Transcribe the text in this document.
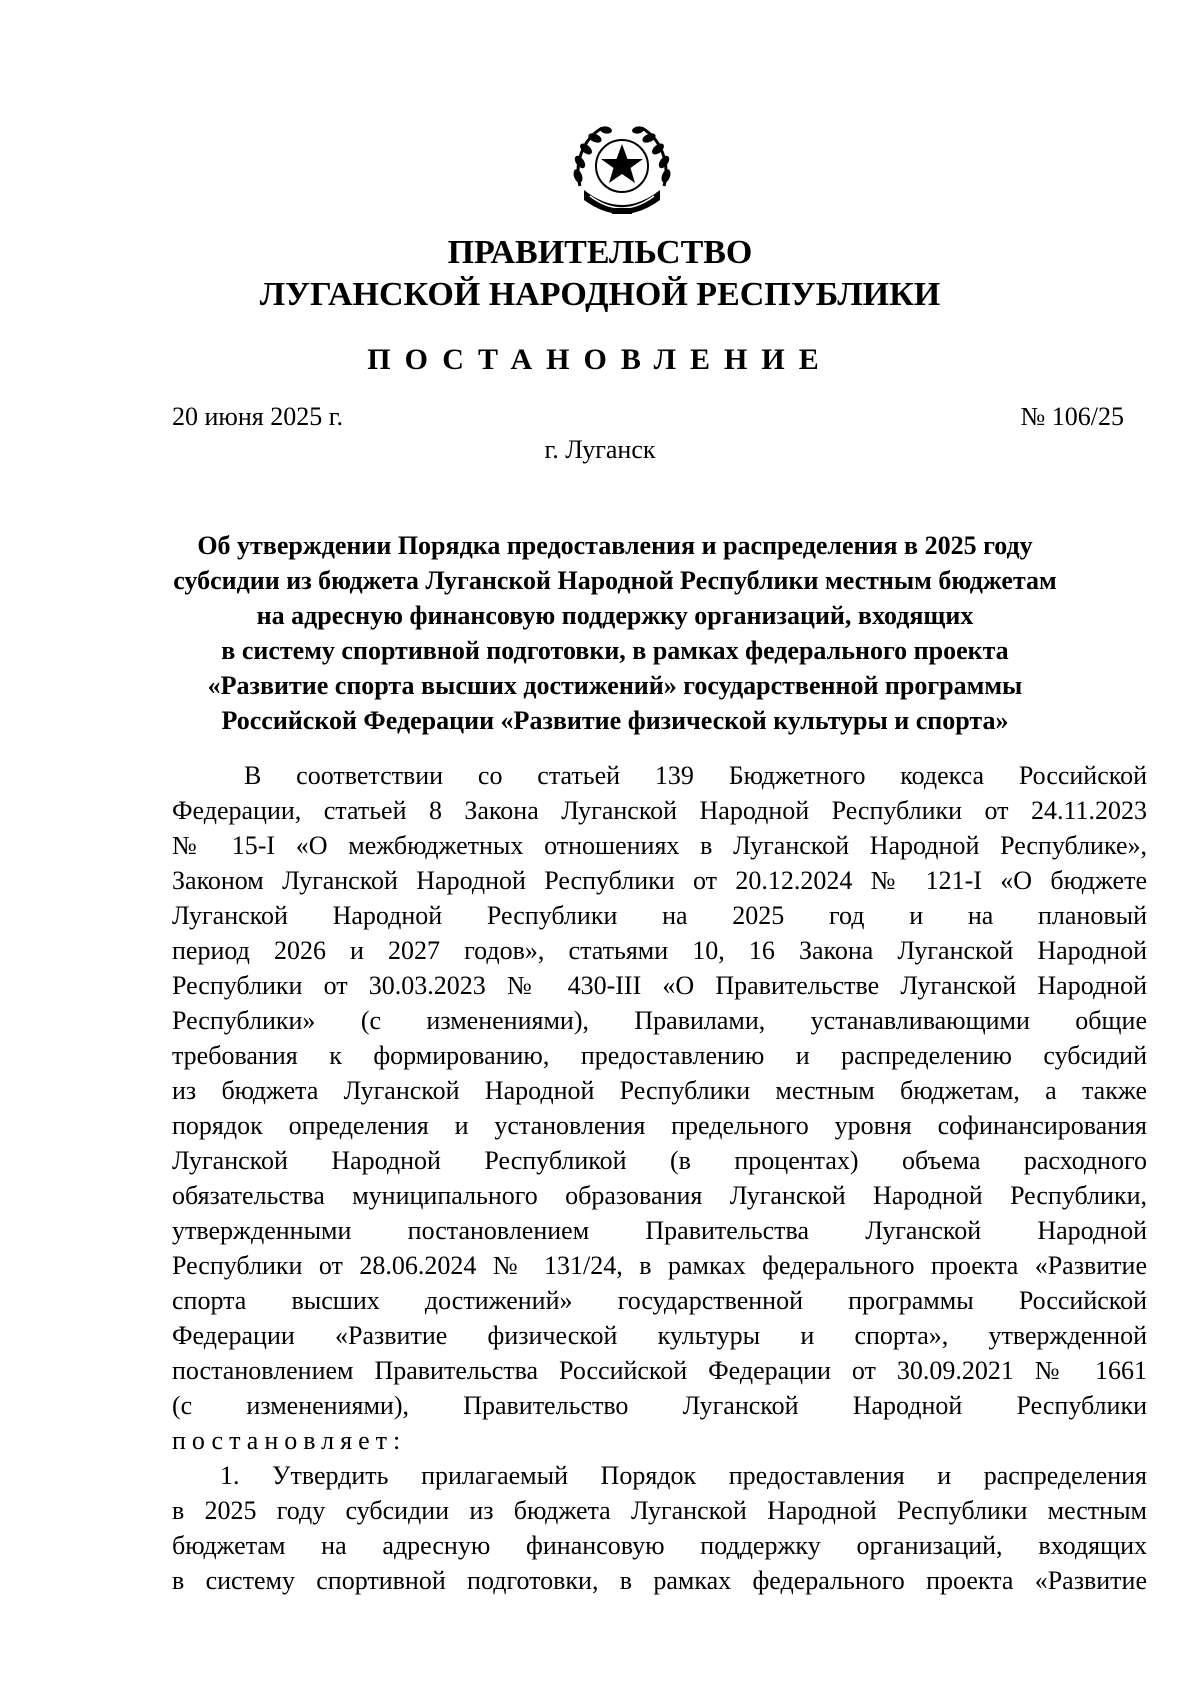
ПРАВИТЕЛЬСТВО
ЛУГАНСКОЙ НАРОДНОЙ РЕСПУБЛИКИ
ПОСТАНОВЛЕНИЕ
20 июня 2025 г.	№ 106/25
г. Луганск
Об утверждении Порядка предоставления и распределения в 2025 году
субсидии из бюджета Луганской Народной Республики местным бюджетам
на адресную финансовую поддержку организаций, входящих
в систему спортивной подготовки, в рамках федерального проекта
«Развитие спорта высших достижений» государственной программы
Российской Федерации «Развитие физической культуры и спорта»
В соответствии со статьей 139 Бюджетного кодекса Российской
Федерации, статьей 8 Закона Луганской Народной Республики от 24.11.2023
№ 15-I «О межбюджетных отношениях в Луганской Народной Республике»,
Законом Луганской Народной Республики от 20.12.2024 № 121-I «О бюджете
Луганской Народной Республики на 2025 год и на плановый
период 2026 и 2027 годов», статьями 10, 16 Закона Луганской Народной
Республики от 30.03.2023 № 430-III «О Правительстве Луганской Народной
Республики» (с изменениями), Правилами, устанавливающими общие
требования к формированию, предоставлению и распределению субсидий
из бюджета Луганской Народной Республики местным бюджетам, а также
порядок определения и установления предельного уровня софинансирования
Луганской Народной Республикой (в процентах) объема расходного
обязательства муниципального образования Луганской Народной Республики,
утвержденными постановлением Правительства Луганской Народной
Республики от 28.06.2024 № 131/24, в рамках федерального проекта «Развитие
спорта высших достижений» государственной программы Российской
Федерации «Развитие физической культуры и спорта», утвержденной
постановлением Правительства Российской Федерации от 30.09.2021 № 1661
(с изменениями), Правительство Луганской Народной Республики
постановляет:
1. Утвердить прилагаемый Порядок предоставления и распределения
в 2025 году субсидии из бюджета Луганской Народной Республики местным
бюджетам на адресную финансовую поддержку организаций, входящих
в систему спортивной подготовки, в рамках федерального проекта «Развитие
